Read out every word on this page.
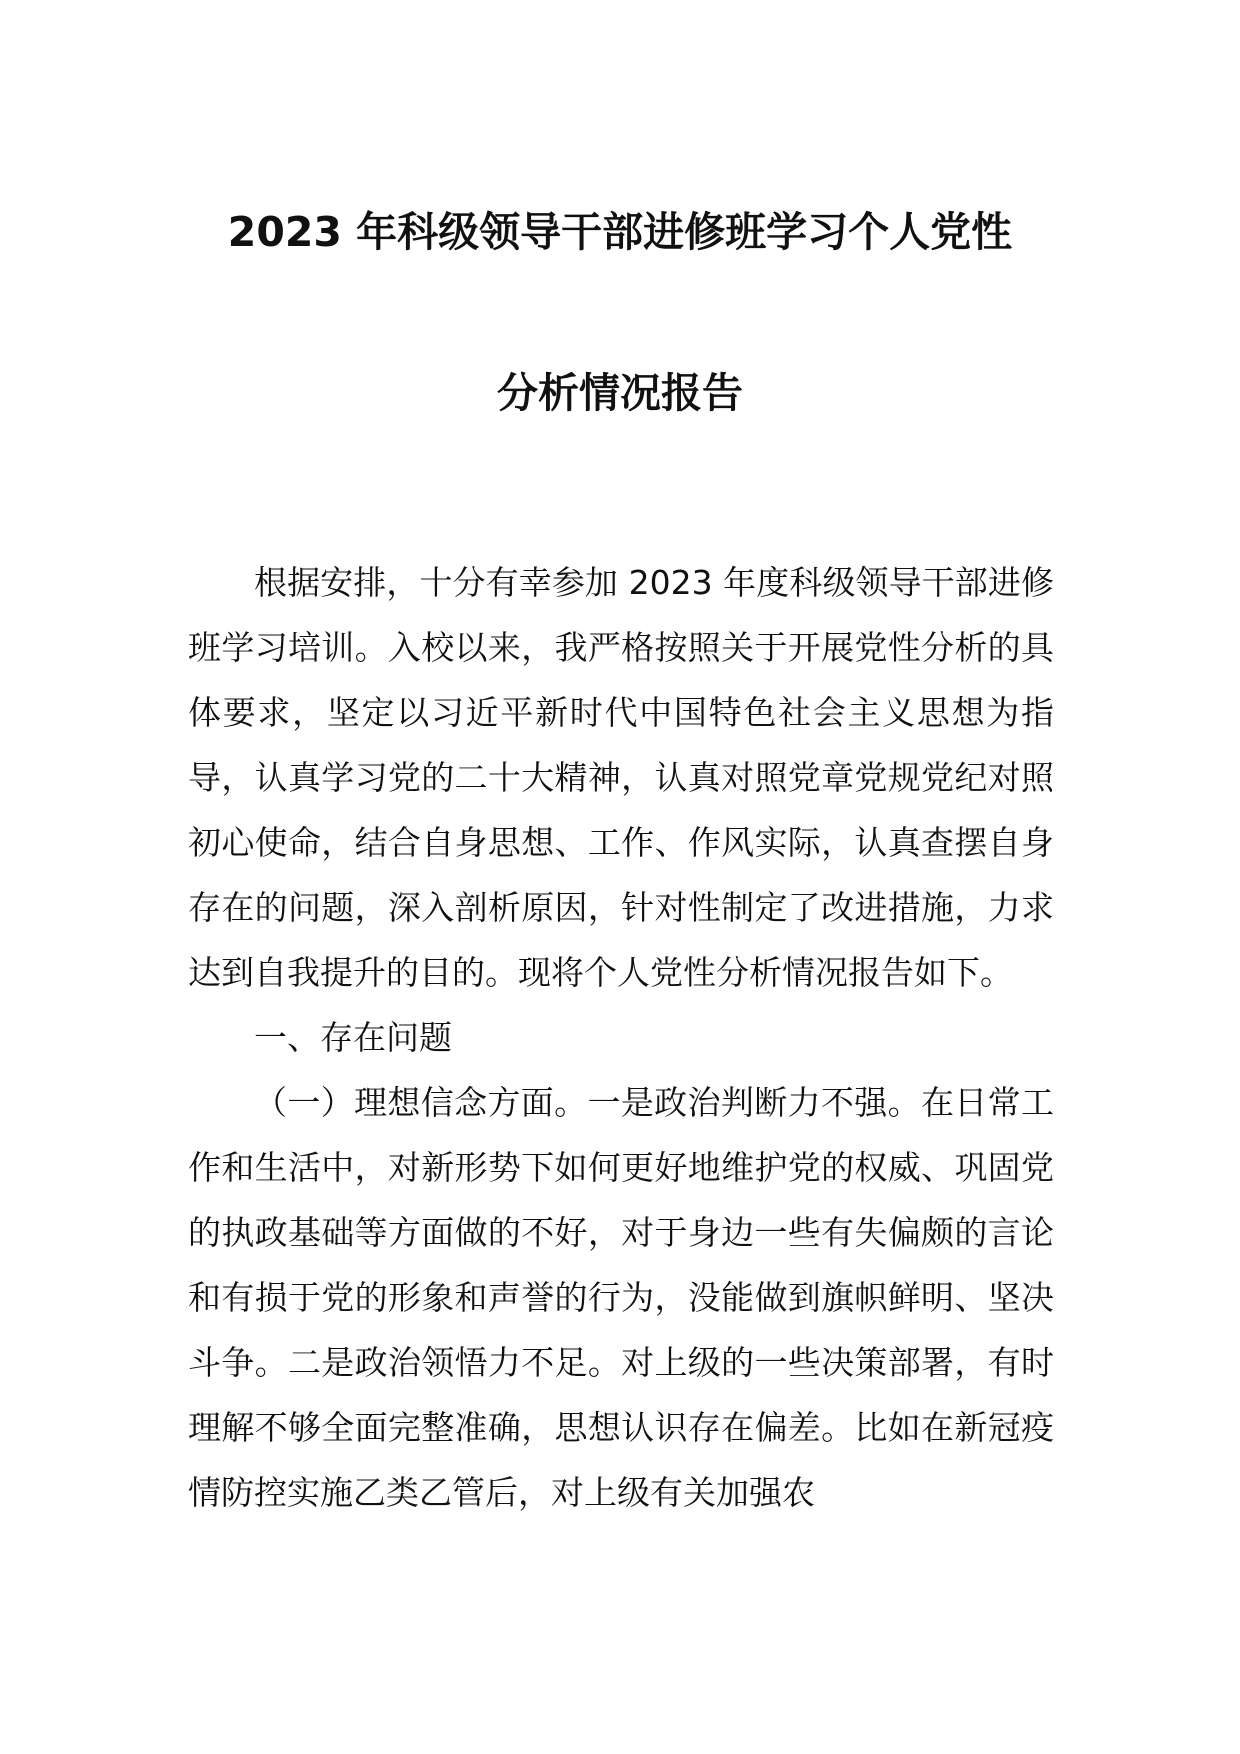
2023 年科级领导干部进修班学习个人党性
分析情况报告

根据安排，十分有幸参加 2023 年度科级领导干部进修班学习培训。入校以来，我严格按照关于开展党性分析的具体要求，坚定以习近平新时代中国特色社会主义思想为指导，认真学习党的二十大精神，认真对照党章党规党纪对照初心使命，结合自身思想、工作、作风实际，认真查摆自身存在的问题，深入剖析原因，针对性制定了改进措施，力求达到自我提升的目的。现将个人党性分析情况报告如下。

一、存在问题

（一）理想信念方面。一是政治判断力不强。在日常工作和生活中，对新形势下如何更好地维护党的权威、巩固党的执政基础等方面做的不好，对于身边一些有失偏颇的言论和有损于党的形象和声誉的行为，没能做到旗帜鲜明、坚决斗争。二是政治领悟力不足。对上级的一些决策部署，有时理解不够全面完整准确，思想认识存在偏差。比如在新冠疫情防控实施乙类乙管后，对上级有关加强农
